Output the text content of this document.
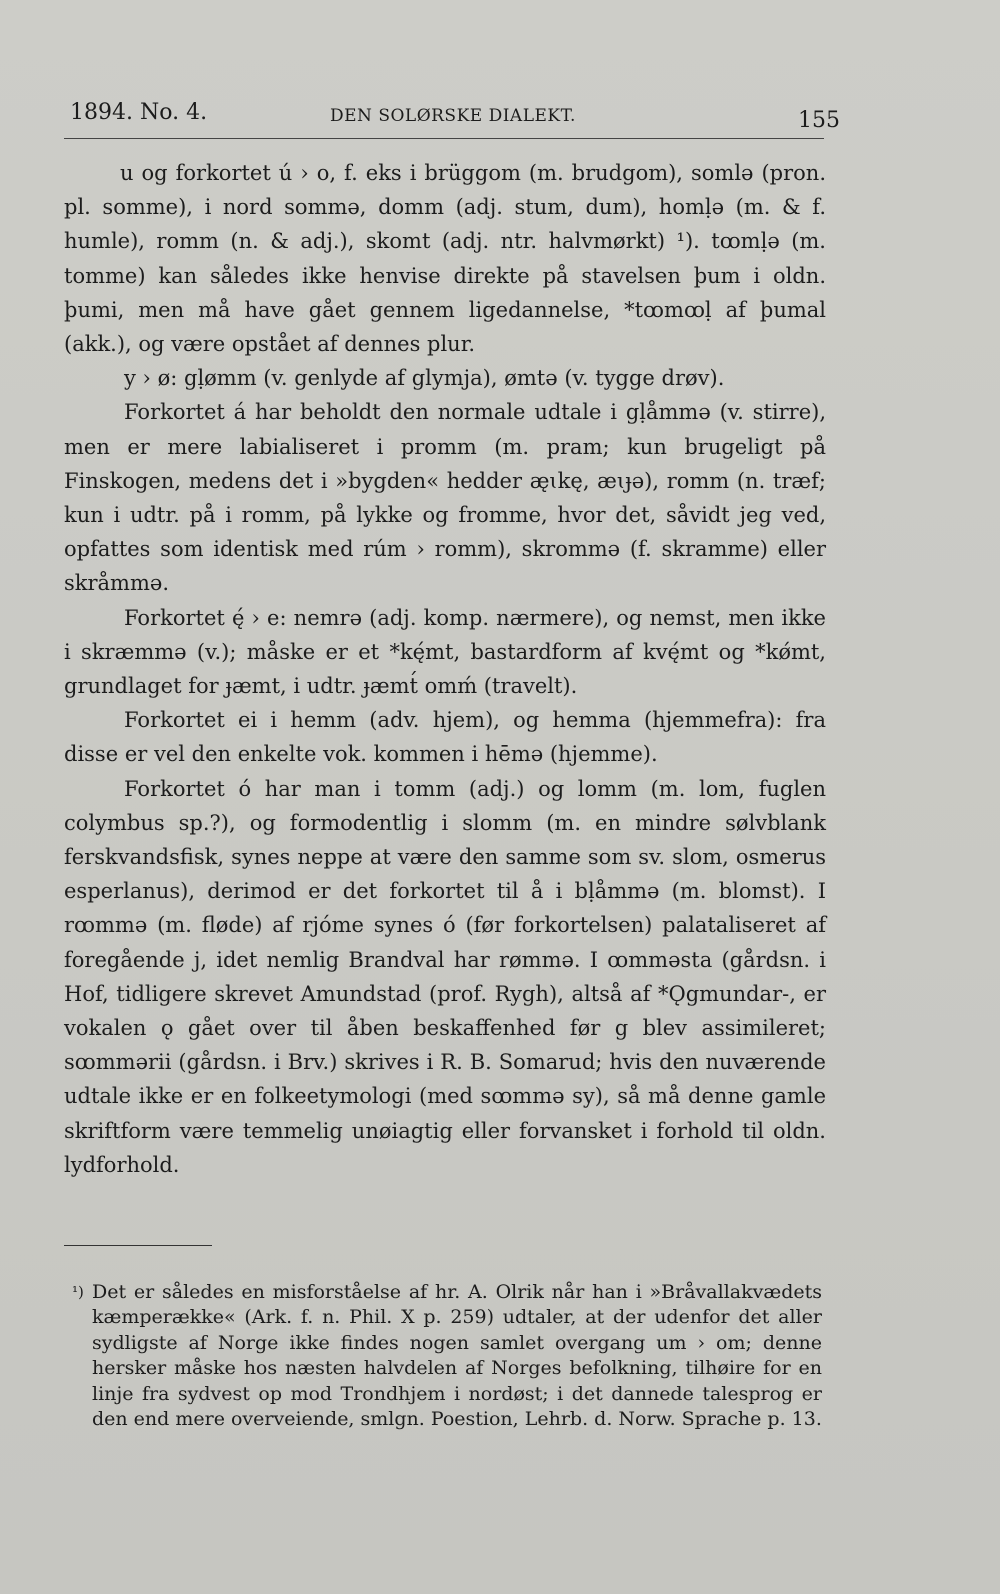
1894. No. 4.	DEN SOLØRSKE DIALEKT.	155

u og forkortet ú › o, f. eks i brüggom (m. brudgom), somlə (pron. pl. somme), i nord sommə, domm (adj. stum, dum), homḷə (m. & f. humle), romm (n. & adj.), skomt (adj. ntr. halvmørkt) ¹). tꝏmḷə (m. tomme) kan således ikke henvise direkte på stavelsen þum i oldn. þumi, men må have gået gennem ligedannelse, *tꝏmꝏḷ af þumal (akk.), og være opstået af dennes plur.

y › ø: gḷømm (v. genlyde af glymja), ømtə (v. tygge drøv).

Forkortet á har beholdt den normale udtale i gḷåmmə (v. stirre), men er mere labialiseret i promm (m. pram; kun brugeligt på Finskogen, medens det i »bygden« hedder æ̨ɩkę, æɩɟə), romm (n. træf; kun i udtr. på i romm, på lykke og fromme, hvor det, såvidt jeg ved, opfattes som identisk med rúm › romm), skrommə (f. skramme) eller skråmmə.

Forkortet ę́ › e: nemrə (adj. komp. nærmere), og nemst, men ikke i skræmmə (v.); måske er et *kę́mt, bastardform af kvę́mt og *kǿmt, grundlaget for ɟæmt, i udtr. ɟæmt́ omḿ (travelt).

Forkortet ei i hemm (adv. hjem), og hemma (hjemmefra): fra disse er vel den enkelte vok. kommen i hēmə (hjemme).

Forkortet ó har man i tomm (adj.) og lomm (m. lom, fuglen colymbus sp.?), og formodentlig i slomm (m. en mindre sølvblank ferskvandsfisk, synes neppe at være den samme som sv. slom, osmerus esperlanus), derimod er det forkortet til å i bḷåmmə (m. blomst). I rꝏmmə (m. fløde) af rjóme synes ó (før forkortelsen) palataliseret af foregående j, idet nemlig Brandval har rømmə. I ꝏmməsta (gårdsn. i Hof, tidligere skrevet Amundstad (prof. Rygh), altså af *Ǫgmundar-, er vokalen ǫ gået over til åben beskaffenhed før g blev assimileret; sꝏmmərii (gårdsn. i Brv.) skrives i R. B. Somarud; hvis den nuværende udtale ikke er en folkeetymologi (med sꝏmmə sy), så må denne gamle skriftform være temmelig unøiagtig eller forvansket i forhold til oldn. lydforhold.

¹) Det er således en misforståelse af hr. A. Olrik når han i »Bråvallakvædets kæmperække« (Ark. f. n. Phil. X p. 259) udtaler, at der udenfor det aller sydligste af Norge ikke findes nogen samlet overgang um › om; denne hersker måske hos næsten halvdelen af Norges befolkning, tilhøire for en linje fra sydvest op mod Trondhjem i nordøst; i det dannede talesprog er den end mere overveiende, smlgn. Poestion, Lehrb. d. Norw. Sprache p. 13.
